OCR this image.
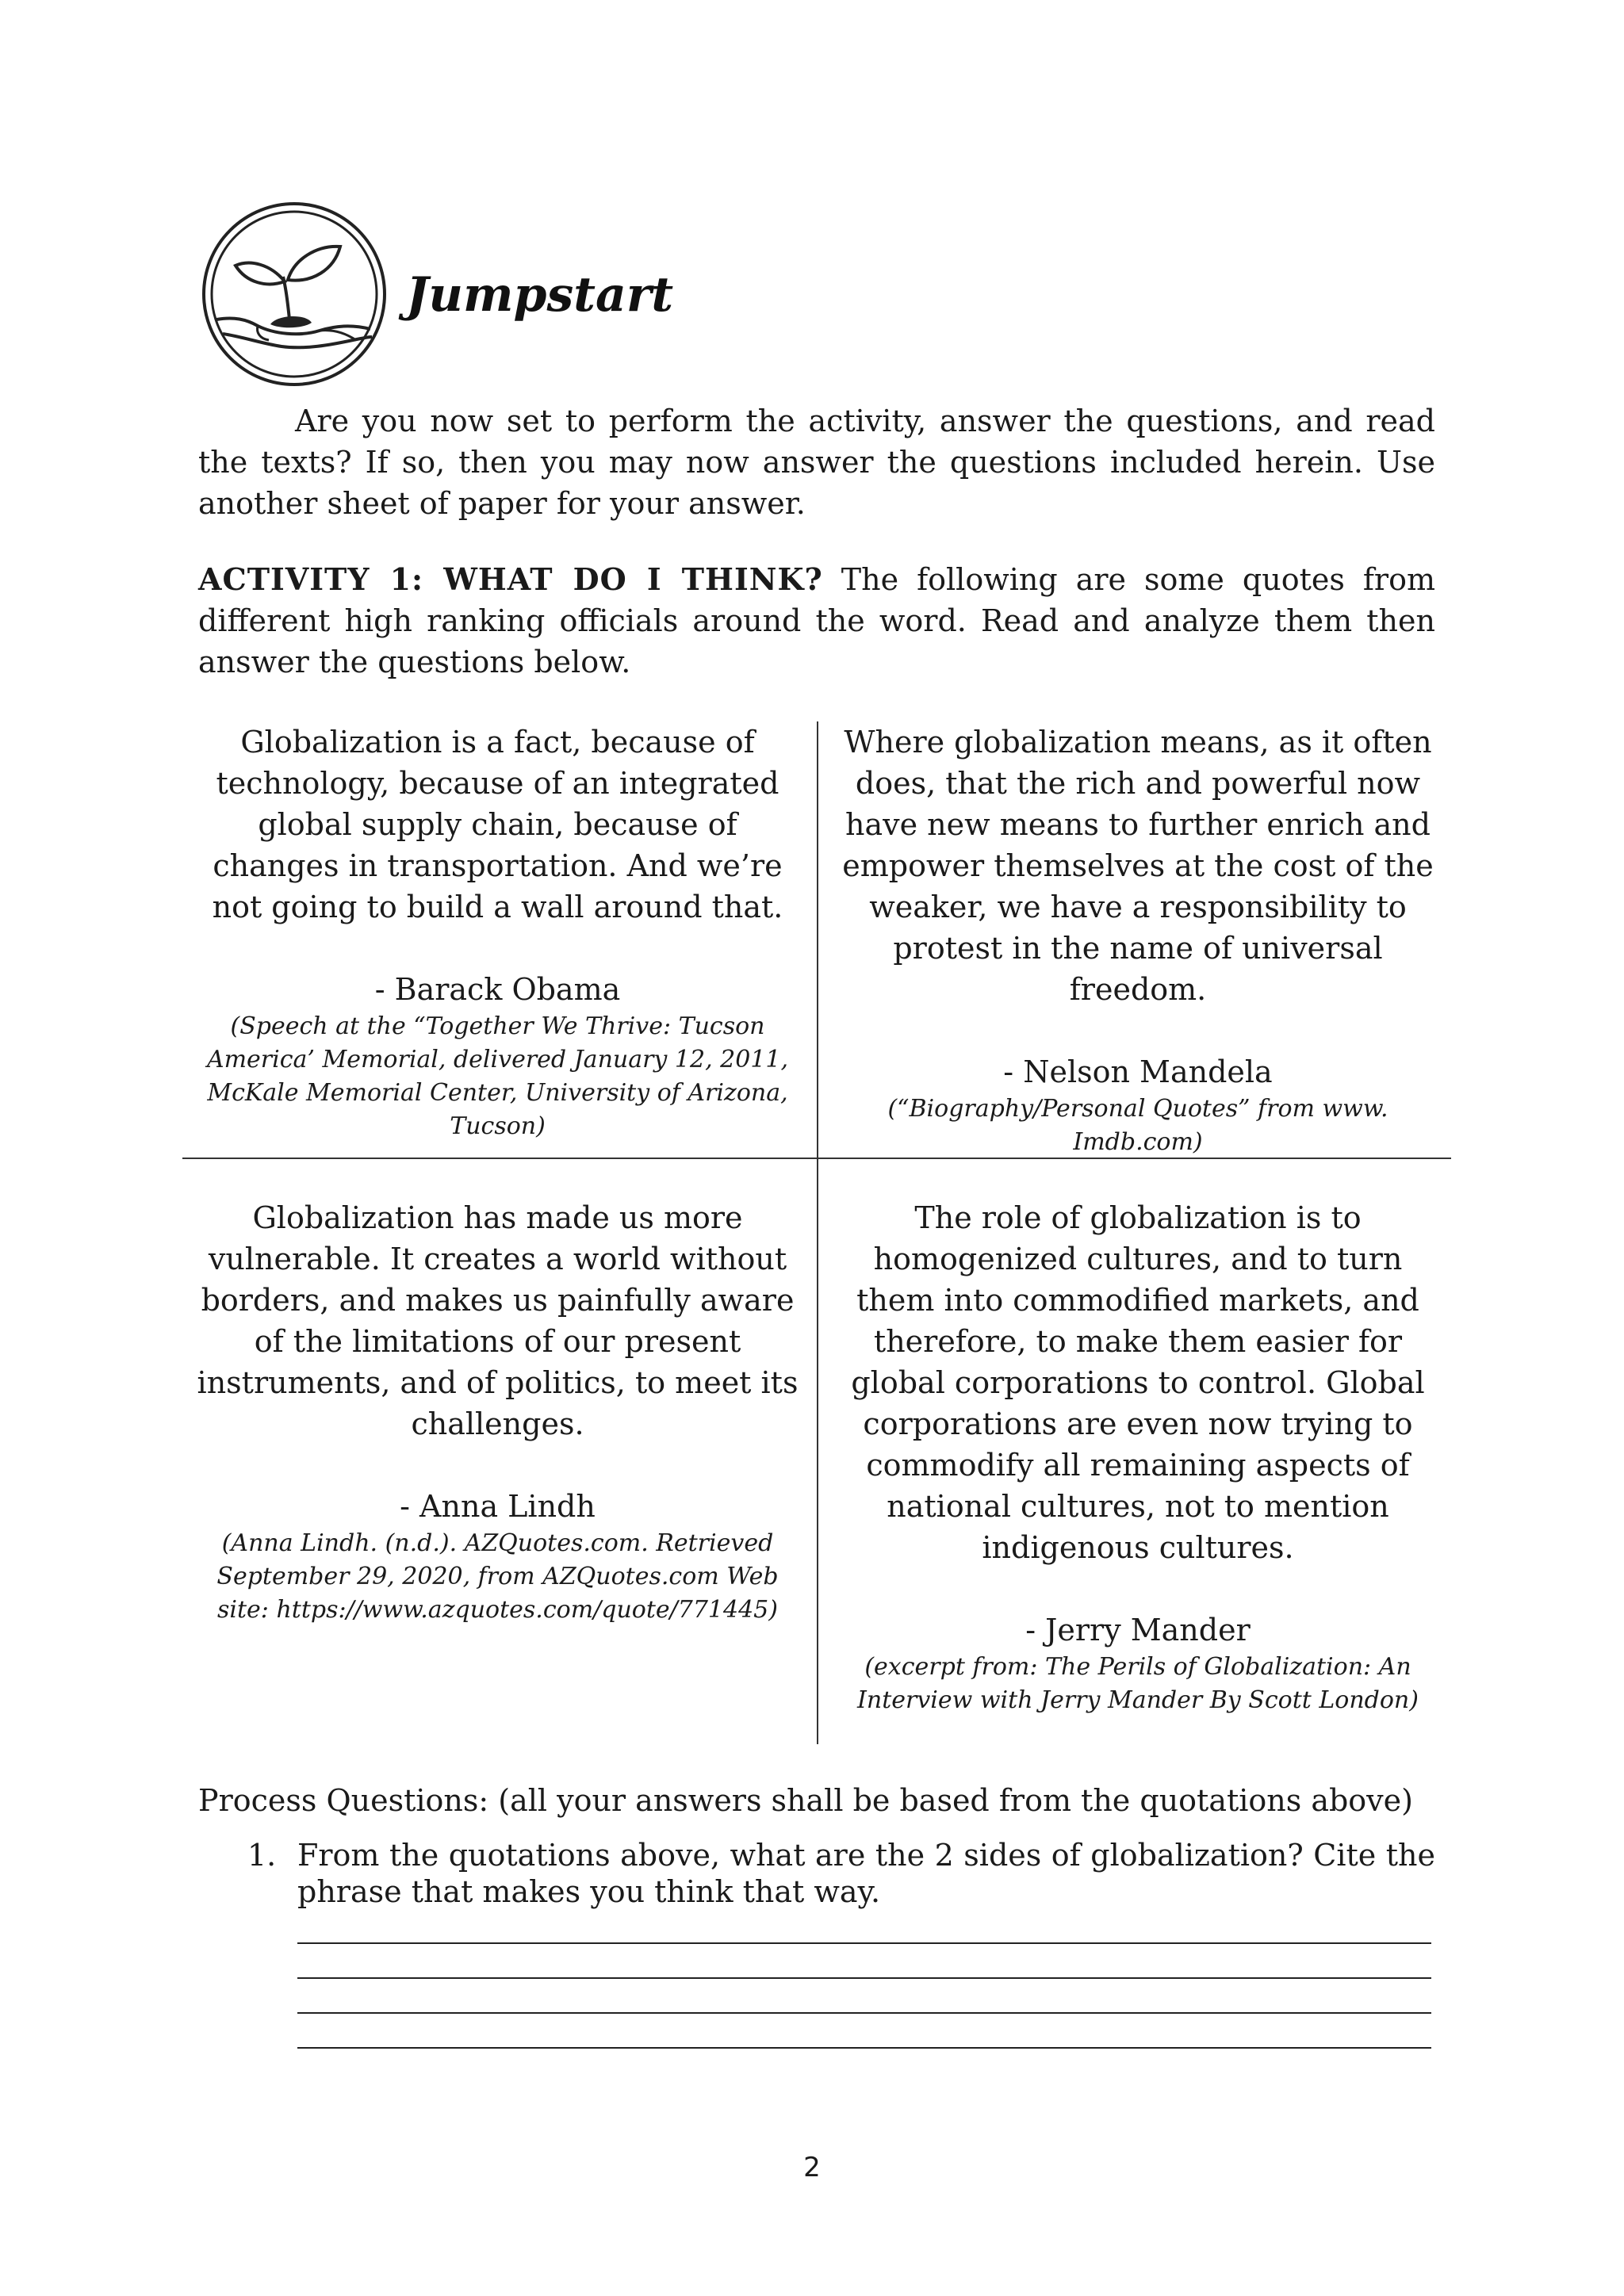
Jumpstart

Are you now set to perform the activity, answer the questions, and read the texts? If so, then you may now answer the questions included herein. Use another sheet of paper for your answer.

ACTIVITY 1: WHAT DO I THINK? The following are some quotes from different high ranking officials around the word. Read and analyze them then answer the questions below.

Globalization is a fact, because of technology, because of an integrated global supply chain, because of changes in transportation. And we’re not going to build a wall around that.

- Barack Obama

(Speech at the “Together We Thrive: Tucson America’ Memorial, delivered January 12, 2011, McKale Memorial Center, University of Arizona, Tucson)

Where globalization means, as it often does, that the rich and powerful now have new means to further enrich and empower themselves at the cost of the weaker, we have a responsibility to protest in the name of universal freedom.

- Nelson Mandela

(“Biography/Personal Quotes” from www. Imdb.com)

Globalization has made us more vulnerable. It creates a world without borders, and makes us painfully aware of the limitations of our present instruments, and of politics, to meet its challenges.

- Anna Lindh

(Anna Lindh. (n.d.). AZQuotes.com. Retrieved September 29, 2020, from AZQuotes.com Web site: https://www.azquotes.com/quote/771445)

The role of globalization is to homogenized cultures, and to turn them into commodified markets, and therefore, to make them easier for global corporations to control. Global corporations are even now trying to commodify all remaining aspects of national cultures, not to mention indigenous cultures.

- Jerry Mander

(excerpt from: The Perils of Globalization: An Interview with Jerry Mander By Scott London)

Process Questions: (all your answers shall be based from the quotations above)

1. From the quotations above, what are the 2 sides of globalization? Cite the phrase that makes you think that way.
2
